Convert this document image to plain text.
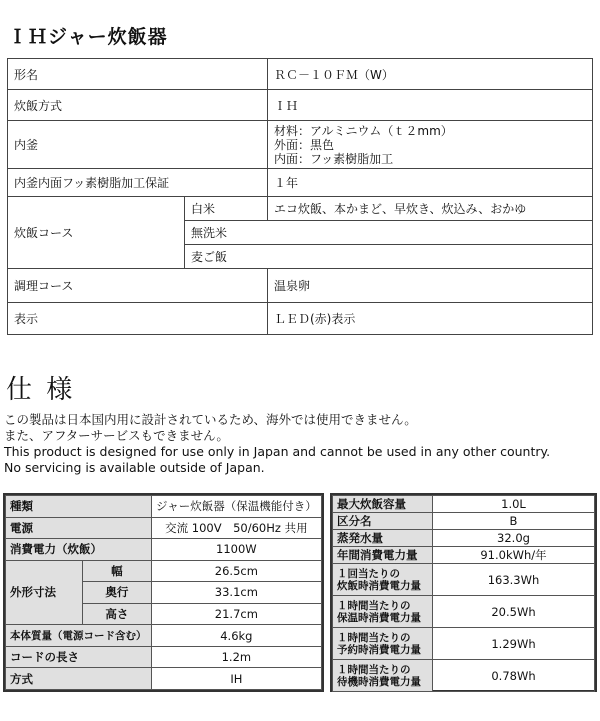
ＩＨジャー炊飯器
形名		ＲＣ－１０ＦＭ（W）
炊飯方式		ＩＨ
内釜		材料：アルミニウム（ｔ２mm）
外面：黒色
内面：フッ素樹脂加工

内釜内面フッ素樹脂加工保証		１年
炊飯コース	白米	エコ炊飯、本かまど、早炊き、炊込み、おかゆ
	無洗米	
	麦ご飯	
調理コース		温泉卵
表示		ＬＥＤ(赤)表示
仕 様
この製品は日本国内用に設計されているため、海外では使用できません。
また、アフターサービスもできません。
This product is designed for use only in Japan and cannot be used in any other country.
No servicing is available outside of Japan.
種類		ジャー炊飯器（保温機能付き）
電源		交流 100V　50/60Hz 共用
消費電力（炊飯）		1100W
外形寸法	幅	26.5cm
	奥行	33.1cm
	高さ	21.7cm
本体質量（電源コード含む）		4.6kg
コードの長さ		1.2m
方式		IH
最大炊飯容量	1.0L
区分名	B
蒸発水量	32.0g
年間消費電力量	91.0kWh/年

１回当たりの
炊飯時消費電力量	163.3Wh

１時間当たりの
保温時消費電力量	20.5Wh

１時間当たりの
予約時消費電力量	1.29Wh

１時間当たりの
待機時消費電力量	0.78Wh
